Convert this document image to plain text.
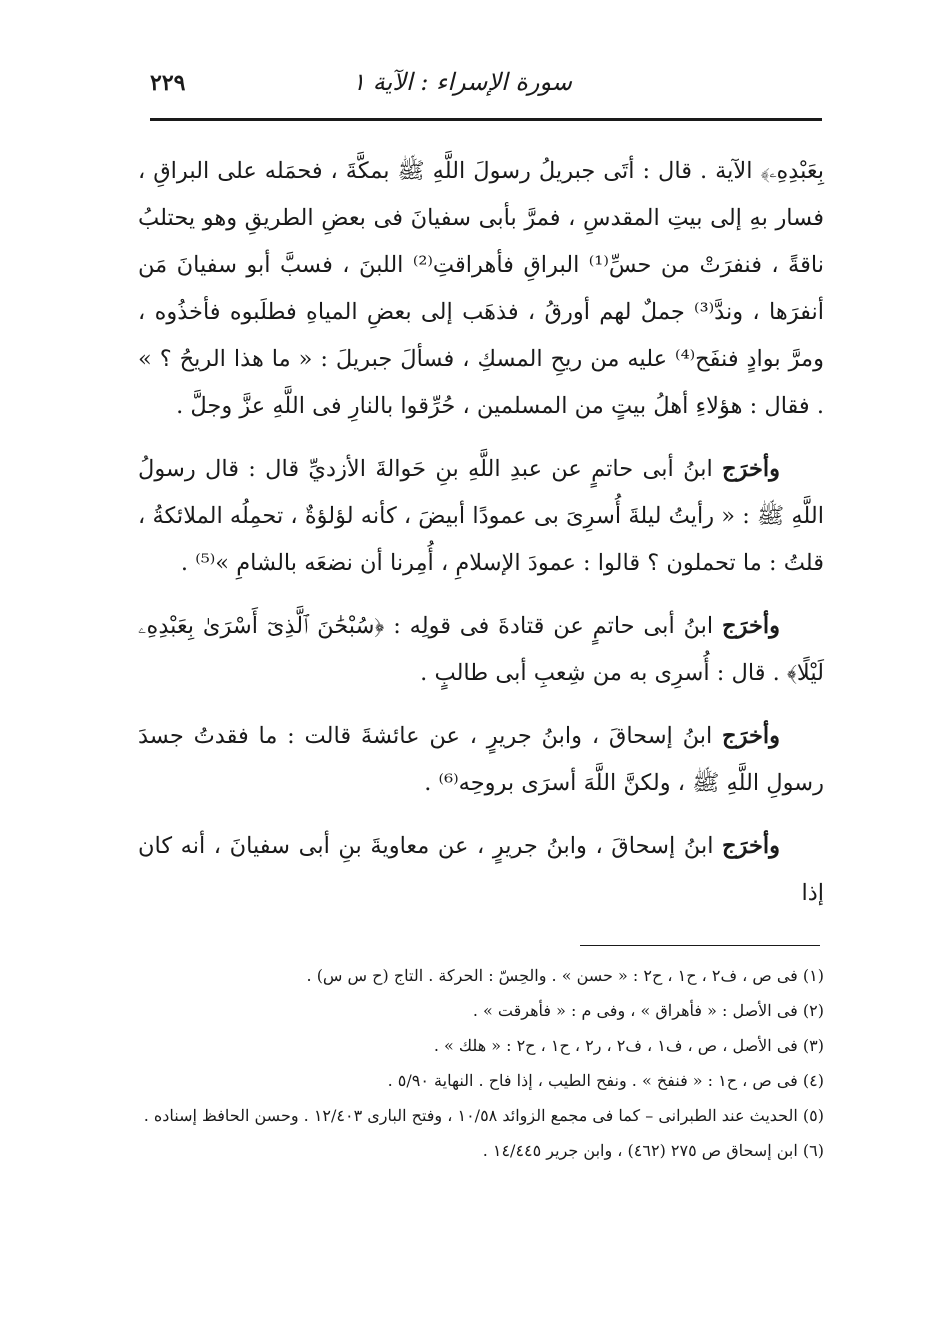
٢٢٩	سورة الإسراء : الآية ١

بِعَبْدِهِۦ﴾ الآية . قال : أتَى جبريلُ رسولَ اللَّهِ ﷺ بمكَّةَ ، فحمَله على البراقِ ، فسار بهِ إلى بيتِ المقدسِ ، فمرَّ بأبى سفيانَ فى بعضِ الطريقِ وهو يحتلبُ ناقةً ، فنفرَتْ من حسِّ⁽¹⁾ البراقِ فأهراقتِ⁽²⁾ اللبنَ ، فسبَّ أبو سفيانَ مَن أنفرَها ، وندَّ⁽³⁾ جملٌ لهم أورقُ ، فذهَب إلى بعضِ المياهِ فطلَبوه فأخذُوه ، ومرَّ بوادٍ فنفَح⁽⁴⁾ عليه من ريحِ المسكِ ، فسألَ جبريلَ : « ما هذا الريحُ ؟ » . فقال : هؤلاءِ أهلُ بيتٍ من المسلمين ، حُرِّقوا بالنارِ فى اللَّهِ عزَّ وجلَّ .

وأخرَج ابنُ أبى حاتمٍ عن عبدِ اللَّهِ بنِ حَوالةَ الأزديِّ قال : قال رسولُ اللَّهِ ﷺ : « رأيتُ ليلةَ أُسرِىَ بى عمودًا أبيضَ ، كأنه لؤلؤةٌ ، تحمِلُه الملائكةُ ، قلتُ : ما تحملون ؟ قالوا : عمودَ الإسلامِ ، أُمِرنا أن نضعَه بالشامِ »⁽⁵⁾ .

وأخرَج ابنُ أبى حاتمٍ عن قتادةَ فى قولِه : ﴿سُبْحَٰنَ ٱلَّذِىٓ أَسْرَىٰ بِعَبْدِهِۦ لَيْلًا﴾ . قال : أُسرِى به من شِعبِ أبى طالبٍ .

وأخرَج ابنُ إسحاقَ ، وابنُ جريرٍ ، عن عائشةَ قالت : ما فقدتُ جسدَ رسولِ اللَّهِ ﷺ ، ولكنَّ اللَّهَ أسرَى بروحِه⁽⁶⁾ .

وأخرَج ابنُ إسحاقَ ، وابنُ جريرٍ ، عن معاويةَ بنِ أبى سفيانَ ، أنه كان إذا

(١) فى ص ، ف٢ ، ح١ ، ح٢ : « حسن » . والحِسّ : الحركة . التاج (ح س س) .

(٢) فى الأصل : « فأهراق » ، وفى م : « فأهرقت » .

(٣) فى الأصل ، ص ، ف١ ، ف٢ ، ر٢ ، ح١ ، ح٢ : « هلك » .

(٤) فى ص ، ح١ : « فنفخ » . ونفح الطيب ، إذا فاح . النهاية ٥/٩٠ .

(٥) الحديث عند الطبرانى – كما فى مجمع الزوائد ١٠/٥٨ ، وفتح البارى ١٢/٤٠٣ . وحسن الحافظ إسناده .

(٦) ابن إسحاق ص ٢٧٥ (٤٦٢) ، وابن جرير ١٤/٤٤٥ .
